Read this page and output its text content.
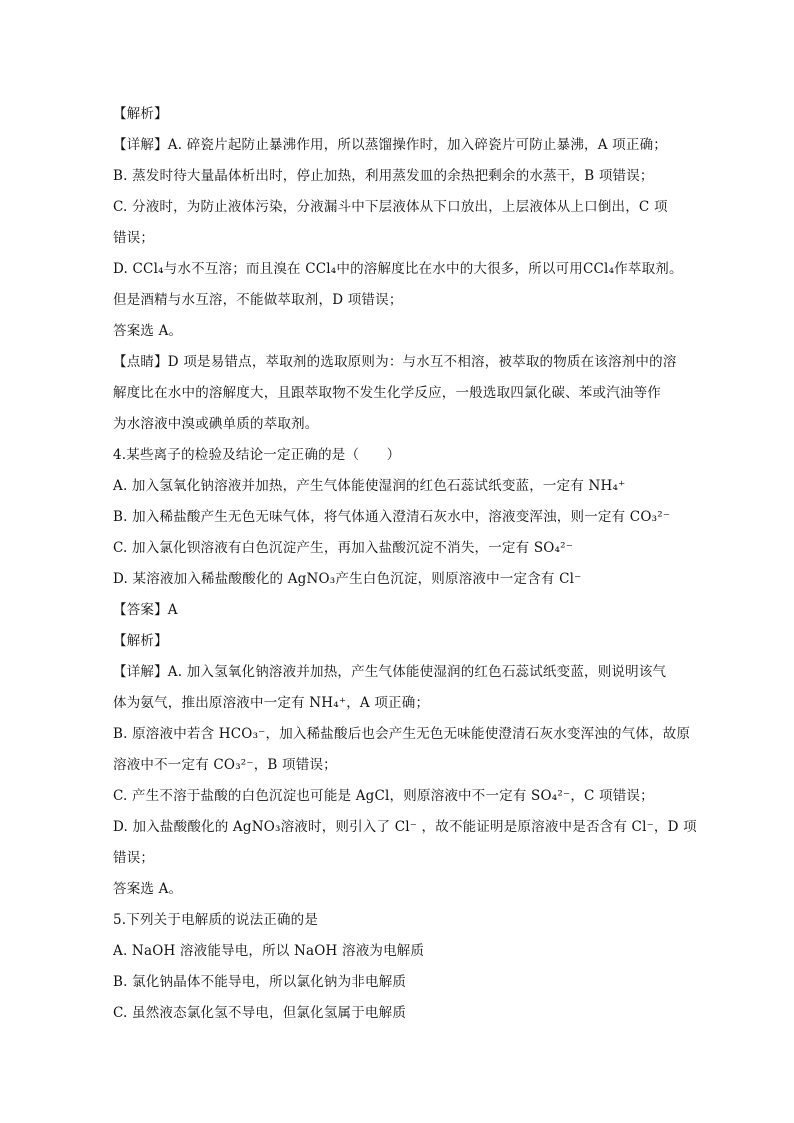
【解析】
【详解】A. 碎瓷片起防止暴沸作用，所以蒸馏操作时，加入碎瓷片可防止暴沸，A 项正确；
B. 蒸发时待大量晶体析出时，停止加热，利用蒸发皿的余热把剩余的水蒸干，B 项错误；
C. 分液时，为防止液体污染，分液漏斗中下层液体从下口放出，上层液体从上口倒出，C 项
错误；
D. CCl₄与水不互溶；而且溴在 CCl₄中的溶解度比在水中的大很多，所以可用CCl₄作萃取剂。
但是酒精与水互溶，不能做萃取剂，D 项错误；
答案选 A。
【点睛】D 项是易错点，萃取剂的选取原则为：与水互不相溶，被萃取的物质在该溶剂中的溶
解度比在水中的溶解度大，且跟萃取物不发生化学反应，一般选取四氯化碳、苯或汽油等作
为水溶液中溴或碘单质的萃取剂。
4.某些离子的检验及结论一定正确的是（　　）
A. 加入氢氧化钠溶液并加热，产生气体能使湿润的红色石蕊试纸变蓝，一定有 NH₄⁺
B. 加入稀盐酸产生无色无味气体，将气体通入澄清石灰水中，溶液变浑浊，则一定有 CO₃²⁻
C. 加入氯化钡溶液有白色沉淀产生，再加入盐酸沉淀不消失，一定有 SO₄²⁻
D. 某溶液加入稀盐酸酸化的 AgNO₃产生白色沉淀，则原溶液中一定含有 Cl⁻
【答案】A
【解析】
【详解】A. 加入氢氧化钠溶液并加热，产生气体能使湿润的红色石蕊试纸变蓝，则说明该气
体为氨气，推出原溶液中一定有 NH₄⁺，A 项正确；
B. 原溶液中若含 HCO₃⁻，加入稀盐酸后也会产生无色无味能使澄清石灰水变浑浊的气体，故原
溶液中不一定有 CO₃²⁻，B 项错误；
C. 产生不溶于盐酸的白色沉淀也可能是 AgCl，则原溶液中不一定有 SO₄²⁻，C 项错误；
D. 加入盐酸酸化的 AgNO₃溶液时，则引入了 Cl⁻ ，故不能证明是原溶液中是否含有 Cl⁻，D 项
错误；
答案选 A。
5.下列关于电解质的说法正确的是
A. NaOH 溶液能导电，所以 NaOH 溶液为电解质
B. 氯化钠晶体不能导电，所以氯化钠为非电解质
C. 虽然液态氯化氢不导电，但氯化氢属于电解质
